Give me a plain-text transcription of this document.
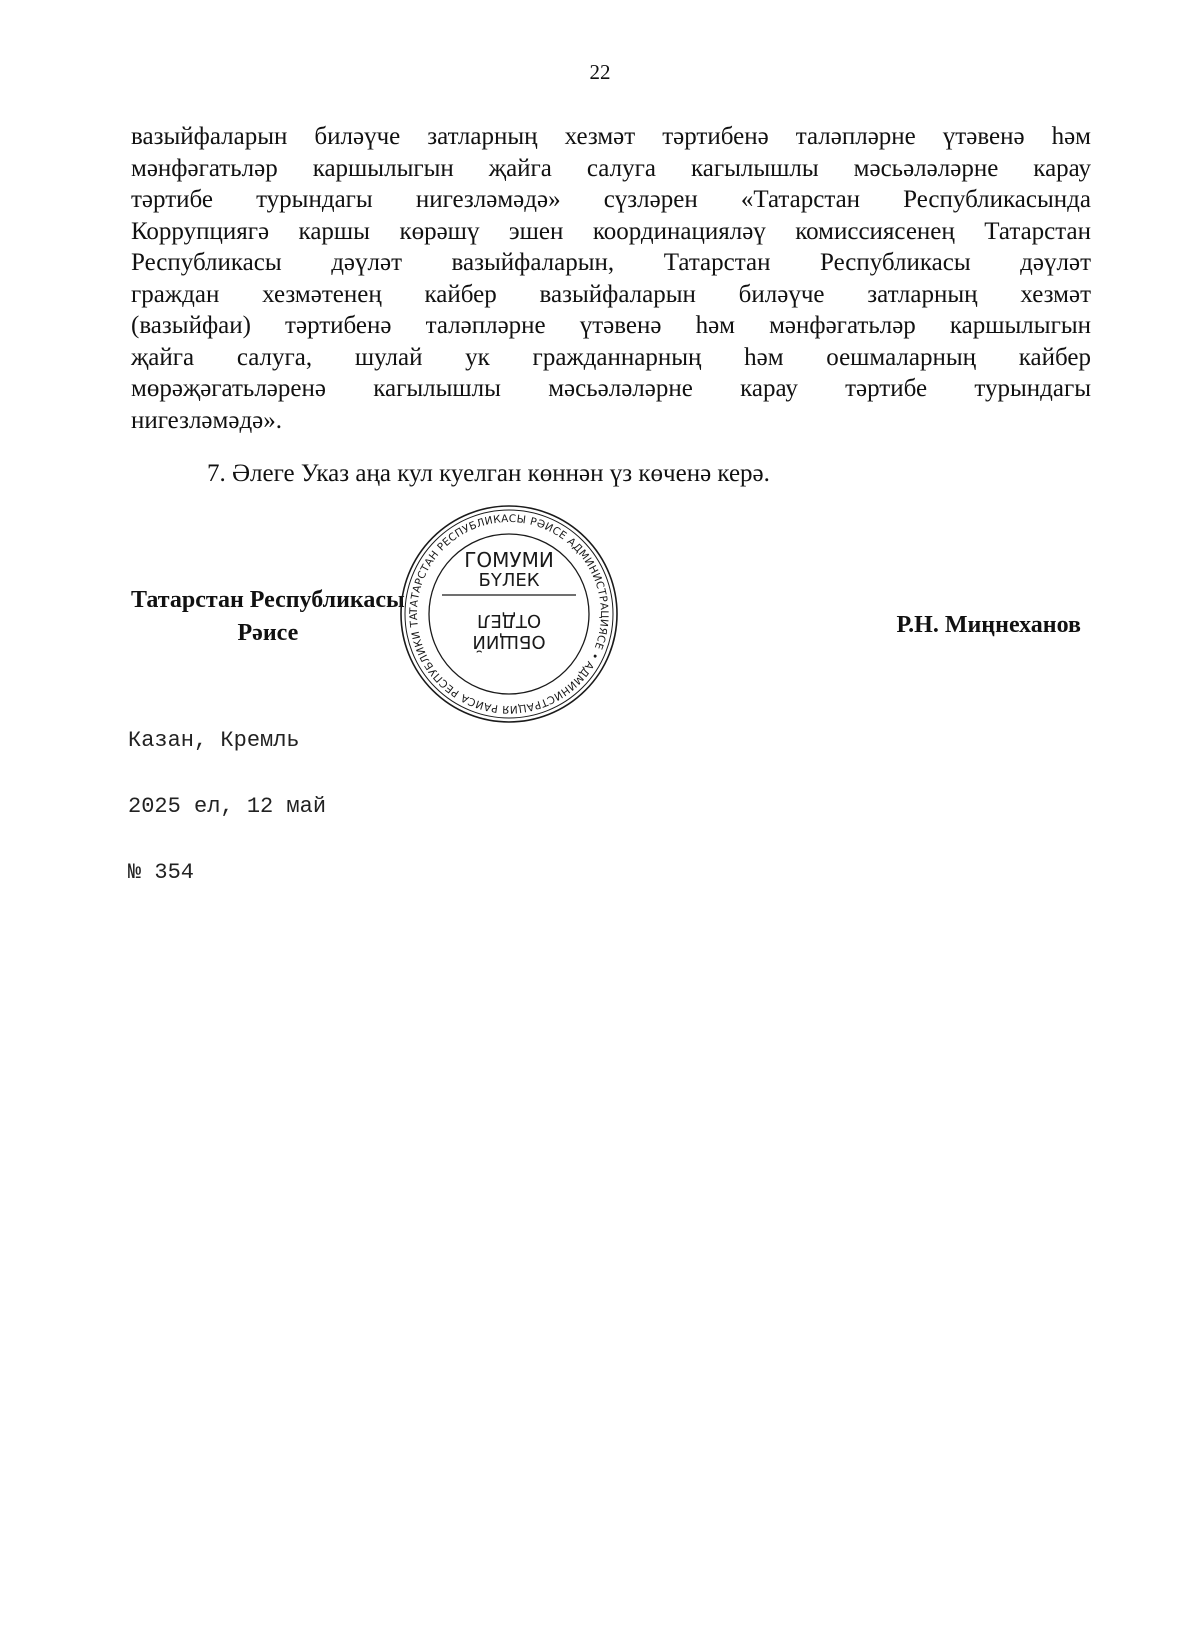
22
вазыйфаларын биләүче затларның хезмәт тәртибенә таләпләрне үтәвенә һәм
мәнфәгатьләр каршылыгын җайга салуга кагылышлы мәсьәләләрне карау
тәртибе турындагы нигезләмәдә» сүзләрен «Татарстан Республикасында
Коррупциягә каршы көрәшү эшен координацияләү комиссиясенең Татарстан
Республикасы дәүләт вазыйфаларын, Татарстан Республикасы дәүләт
граждан хезмәтенең кайбер вазыйфаларын биләүче затларның хезмәт
(вазыйфаи) тәртибенә таләпләрне үтәвенә һәм мәнфәгатьләр каршылыгын
җайга салуга, шулай ук гражданнарның һәм оешмаларның кайбер
мөрәҗәгатьләренә кагылышлы мәсьәләләрне карау тәртибе турындагы
нигезләмәдә».
7. Әлеге Указ аңа кул куелган көннән үз көченә керә.
Татарстан Республикасы
Рәисе	Р.Н. Миңнеханов

Казан, Кремль

2025 ел, 12 май

№ 354

ТАТАРСТАН РЕСПУБЛИКАСЫ РӘИСЕ АДМИНИСТРАЦИЯСЕ • АДМИНИСТРАЦИЯ РАИСА РЕСПУБЛИКИ ТА
ГОМУМИ
БҮЛЕК
ОТДЕЛ
ОБЩИЙ
